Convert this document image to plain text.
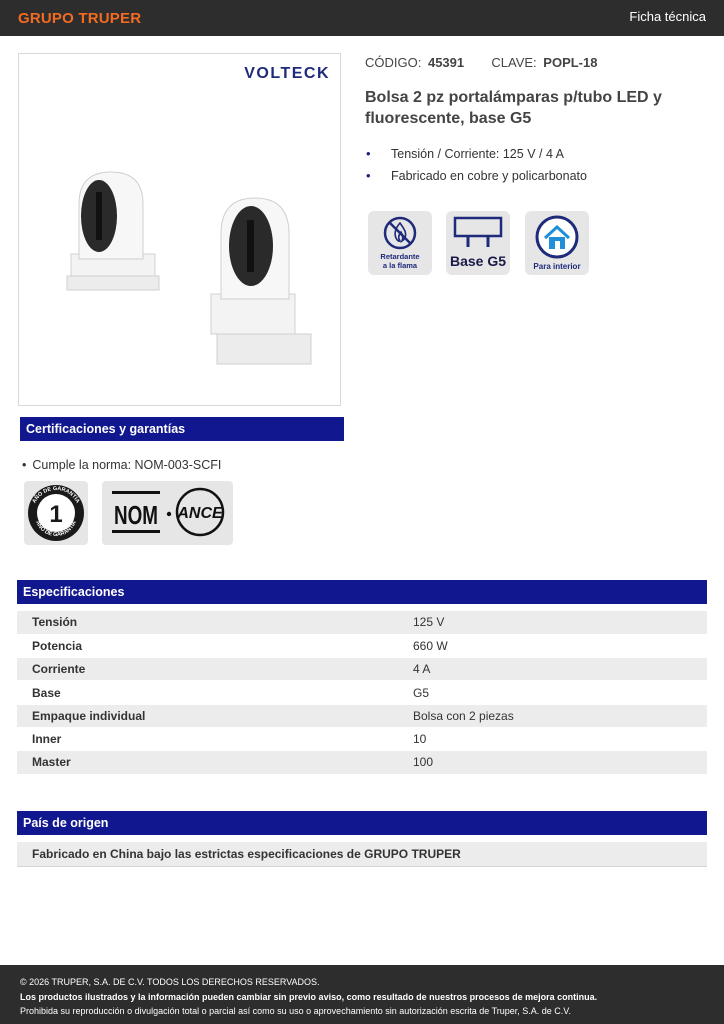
GRUPO TRUPER	Ficha técnica
VOLTECK
CÓDIGO: 45391 CLAVE: POPL-18
Bolsa 2 pz portalámparas p/tubo LED y fluorescente, base G5
• Tensión / Corriente: 125 V / 4 A
• Fabricado en cobre y policarbonato
Retardante
a la flama	Base G5	Para interior
Certificaciones y garantías
• Cumple la norma: NOM-003-SCFI
1
AÑO DE GARANTÍA
AÑO DE GARANTÍA NOM ANCE
Especificaciones
Tensión	125 V
Potencia	660 W
Corriente	4 A
Base	G5
Empaque individual	Bolsa con 2 piezas
Inner	10
Master	100
País de origen
Fabricado en China bajo las estrictas especificaciones de GRUPO TRUPER
© 2026 TRUPER, S.A. DE C.V. TODOS LOS DERECHOS RESERVADOS.
Los productos ilustrados y la información pueden cambiar sin previo aviso, como resultado de nuestros procesos de mejora continua.
Prohibida su reproducción o divulgación total o parcial así como su uso o aprovechamiento sin autorización escrita de Truper, S.A. de C.V.
